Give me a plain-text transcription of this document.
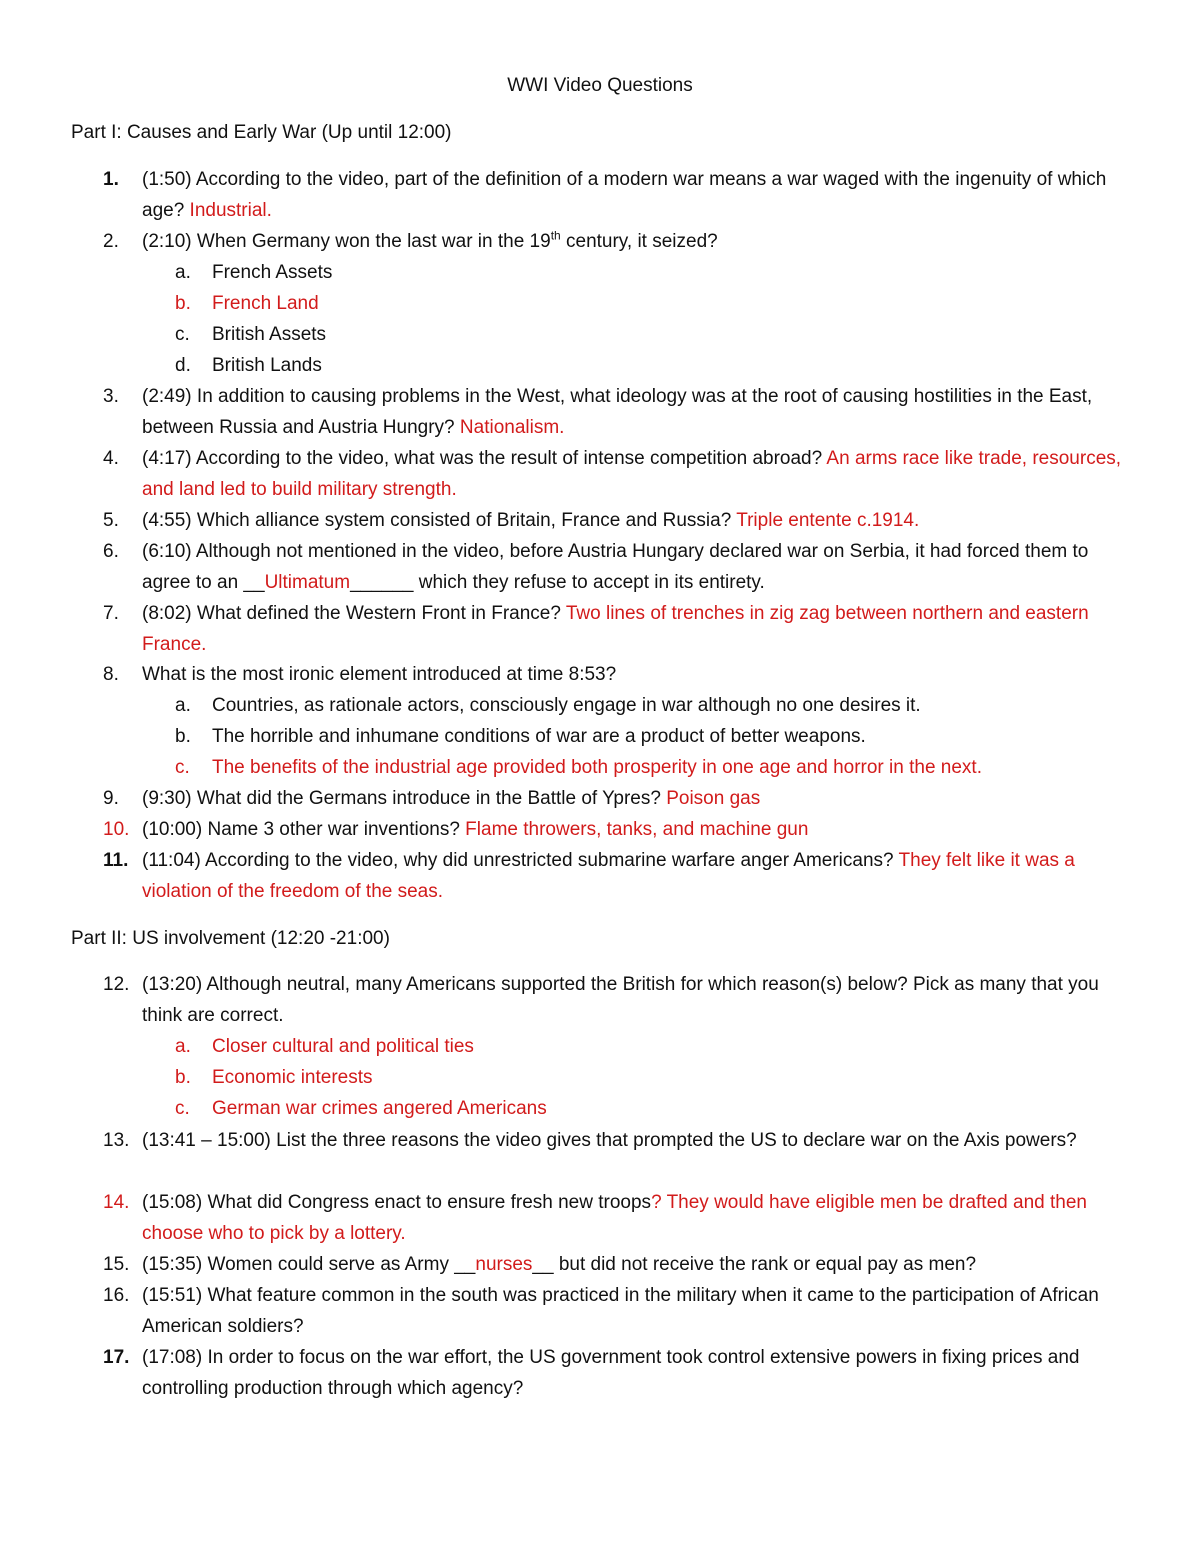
WWI Video Questions
Part I: Causes and Early War (Up until 12:00)
1.	(1:50) According to the video, part of the definition of a modern war means a war waged with the ingenuity of which age? Industrial.
2.	(2:10) When Germany won the last war in the 19th century, it seized?
a.	French Assets
b.	French Land
c.	British Assets
d.	British Lands
3.	(2:49) In addition to causing problems in the West, what ideology was at the root of causing hostilities in the East, between Russia and Austria Hungry? Nationalism.
4.	(4:17) According to the video, what was the result of intense competition abroad? An arms race like trade, resources, and land led to build military strength.
5.	(4:55) Which alliance system consisted of Britain, France and Russia? Triple entente c.1914.
6.	(6:10) Although not mentioned in the video, before Austria Hungary declared war on Serbia, it had forced them to agree to an __Ultimatum______ which they refuse to accept in its entirety.
7.	(8:02) What defined the Western Front in France? Two lines of trenches in zig zag between northern and eastern France.
8.	What is the most ironic element introduced at time 8:53?
a.	Countries, as rationale actors, consciously engage in war although no one desires it.
b.	The horrible and inhumane conditions of war are a product of better weapons.
c.	The benefits of the industrial age provided both prosperity in one age and horror in the next.
9.	(9:30) What did the Germans introduce in the Battle of Ypres? Poison gas
10. (10:00) Name 3 other war inventions? Flame throwers, tanks, and machine gun
11. (11:04) According to the video, why did unrestricted submarine warfare anger Americans? They felt like it was a violation of the freedom of the seas.
Part II: US involvement (12:20 -21:00)
12. (13:20) Although neutral, many Americans supported the British for which reason(s) below? Pick as many that you think are correct.
a.	Closer cultural and political ties
b.	Economic interests
c.	German war crimes angered Americans
13. (13:41 – 15:00) List the three reasons the video gives that prompted the US to declare war on the Axis powers?
14. (15:08) What did Congress enact to ensure fresh new troops? They would have eligible men be drafted and then choose who to pick by a lottery.
15. (15:35) Women could serve as Army __nurses__ but did not receive the rank or equal pay as men?
16. (15:51) What feature common in the south was practiced in the military when it came to the participation of African American soldiers?
17. (17:08) In order to focus on the war effort, the US government took control extensive powers in fixing prices and controlling production through which agency?
